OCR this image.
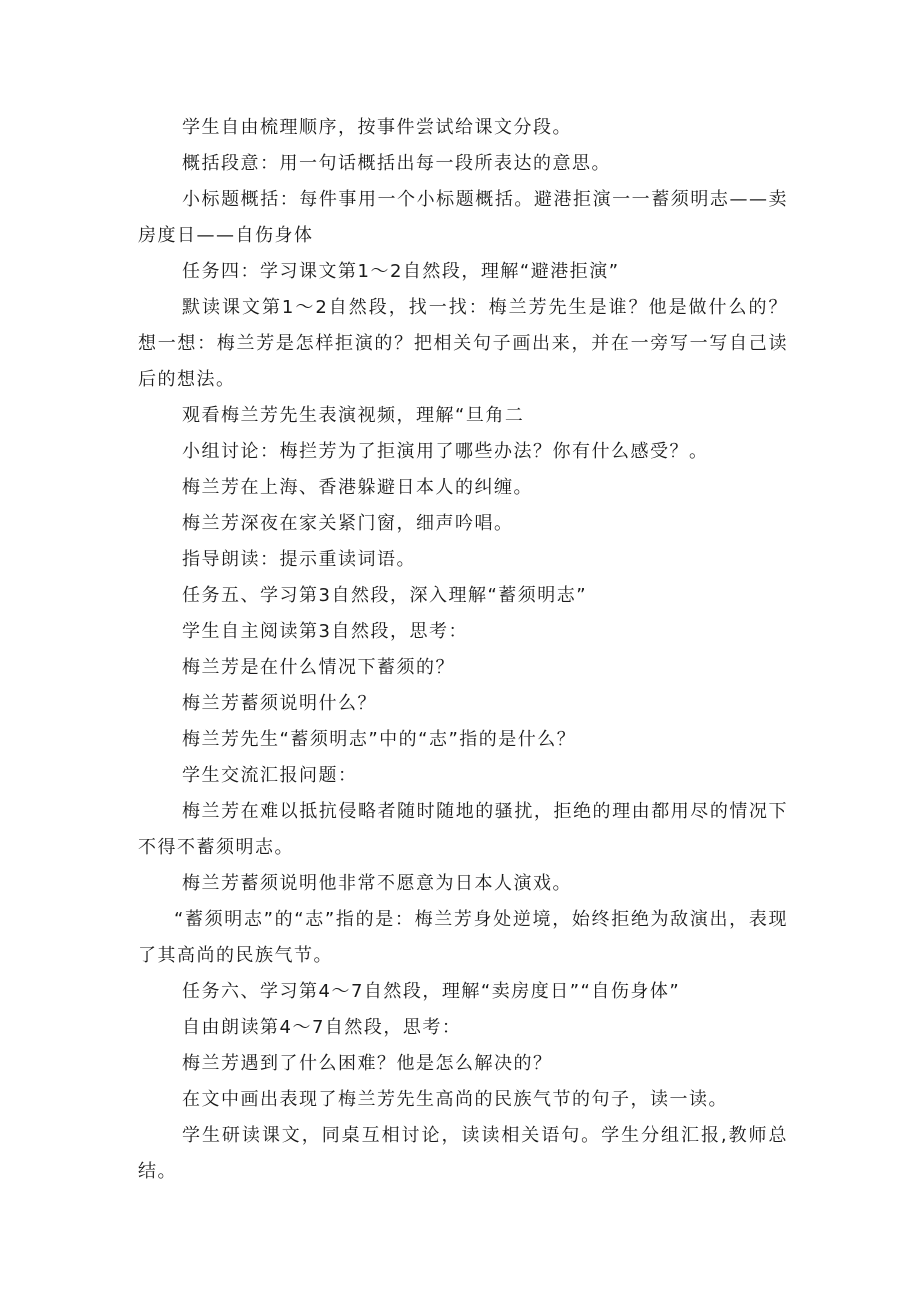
学生自由梳理顺序，按事件尝试给课文分段。

概括段意：用一句话概括出每一段所表达的意思。

小标题概括：每件事用一个小标题概括。避港拒演一一蓄须明志——卖房度日——自伤身体

任务四：学习课文第1〜2自然段，理解“避港拒演”

默读课文第1〜2自然段，找一找：梅兰芳先生是谁？他是做什么的？想一想：梅兰芳是怎样拒演的？把相关句子画出来，并在一旁写一写自己读后的想法。

观看梅兰芳先生表演视频，理解“旦角二

小组讨论：梅拦芳为了拒演用了哪些办法？你有什么感受？。

梅兰芳在上海、香港躲避日本人的纠缠。

梅兰芳深夜在家关紧门窗，细声吟唱。

指导朗读：提示重读词语。

任务五、学习第3自然段，深入理解“蓄须明志”

学生自主阅读第3自然段，思考：

梅兰芳是在什么情况下蓄须的？

梅兰芳蓄须说明什么？

梅兰芳先生“蓄须明志”中的“志”指的是什么？

学生交流汇报问题：

梅兰芳在难以抵抗侵略者随时随地的骚扰，拒绝的理由都用尽的情况下不得不蓄须明志。

梅兰芳蓄须说明他非常不愿意为日本人演戏。

“蓄须明志”的“志”指的是：梅兰芳身处逆境，始终拒绝为敌演出，表现了其高尚的民族气节。

任务六、学习第4〜7自然段，理解“卖房度日”“自伤身体”

自由朗读第4〜7自然段，思考：

梅兰芳遇到了什么困难？他是怎么解决的？

在文中画出表现了梅兰芳先生高尚的民族气节的句子，读一读。

学生研读课文，同桌互相讨论，读读相关语句。学生分组汇报,教师总结。
